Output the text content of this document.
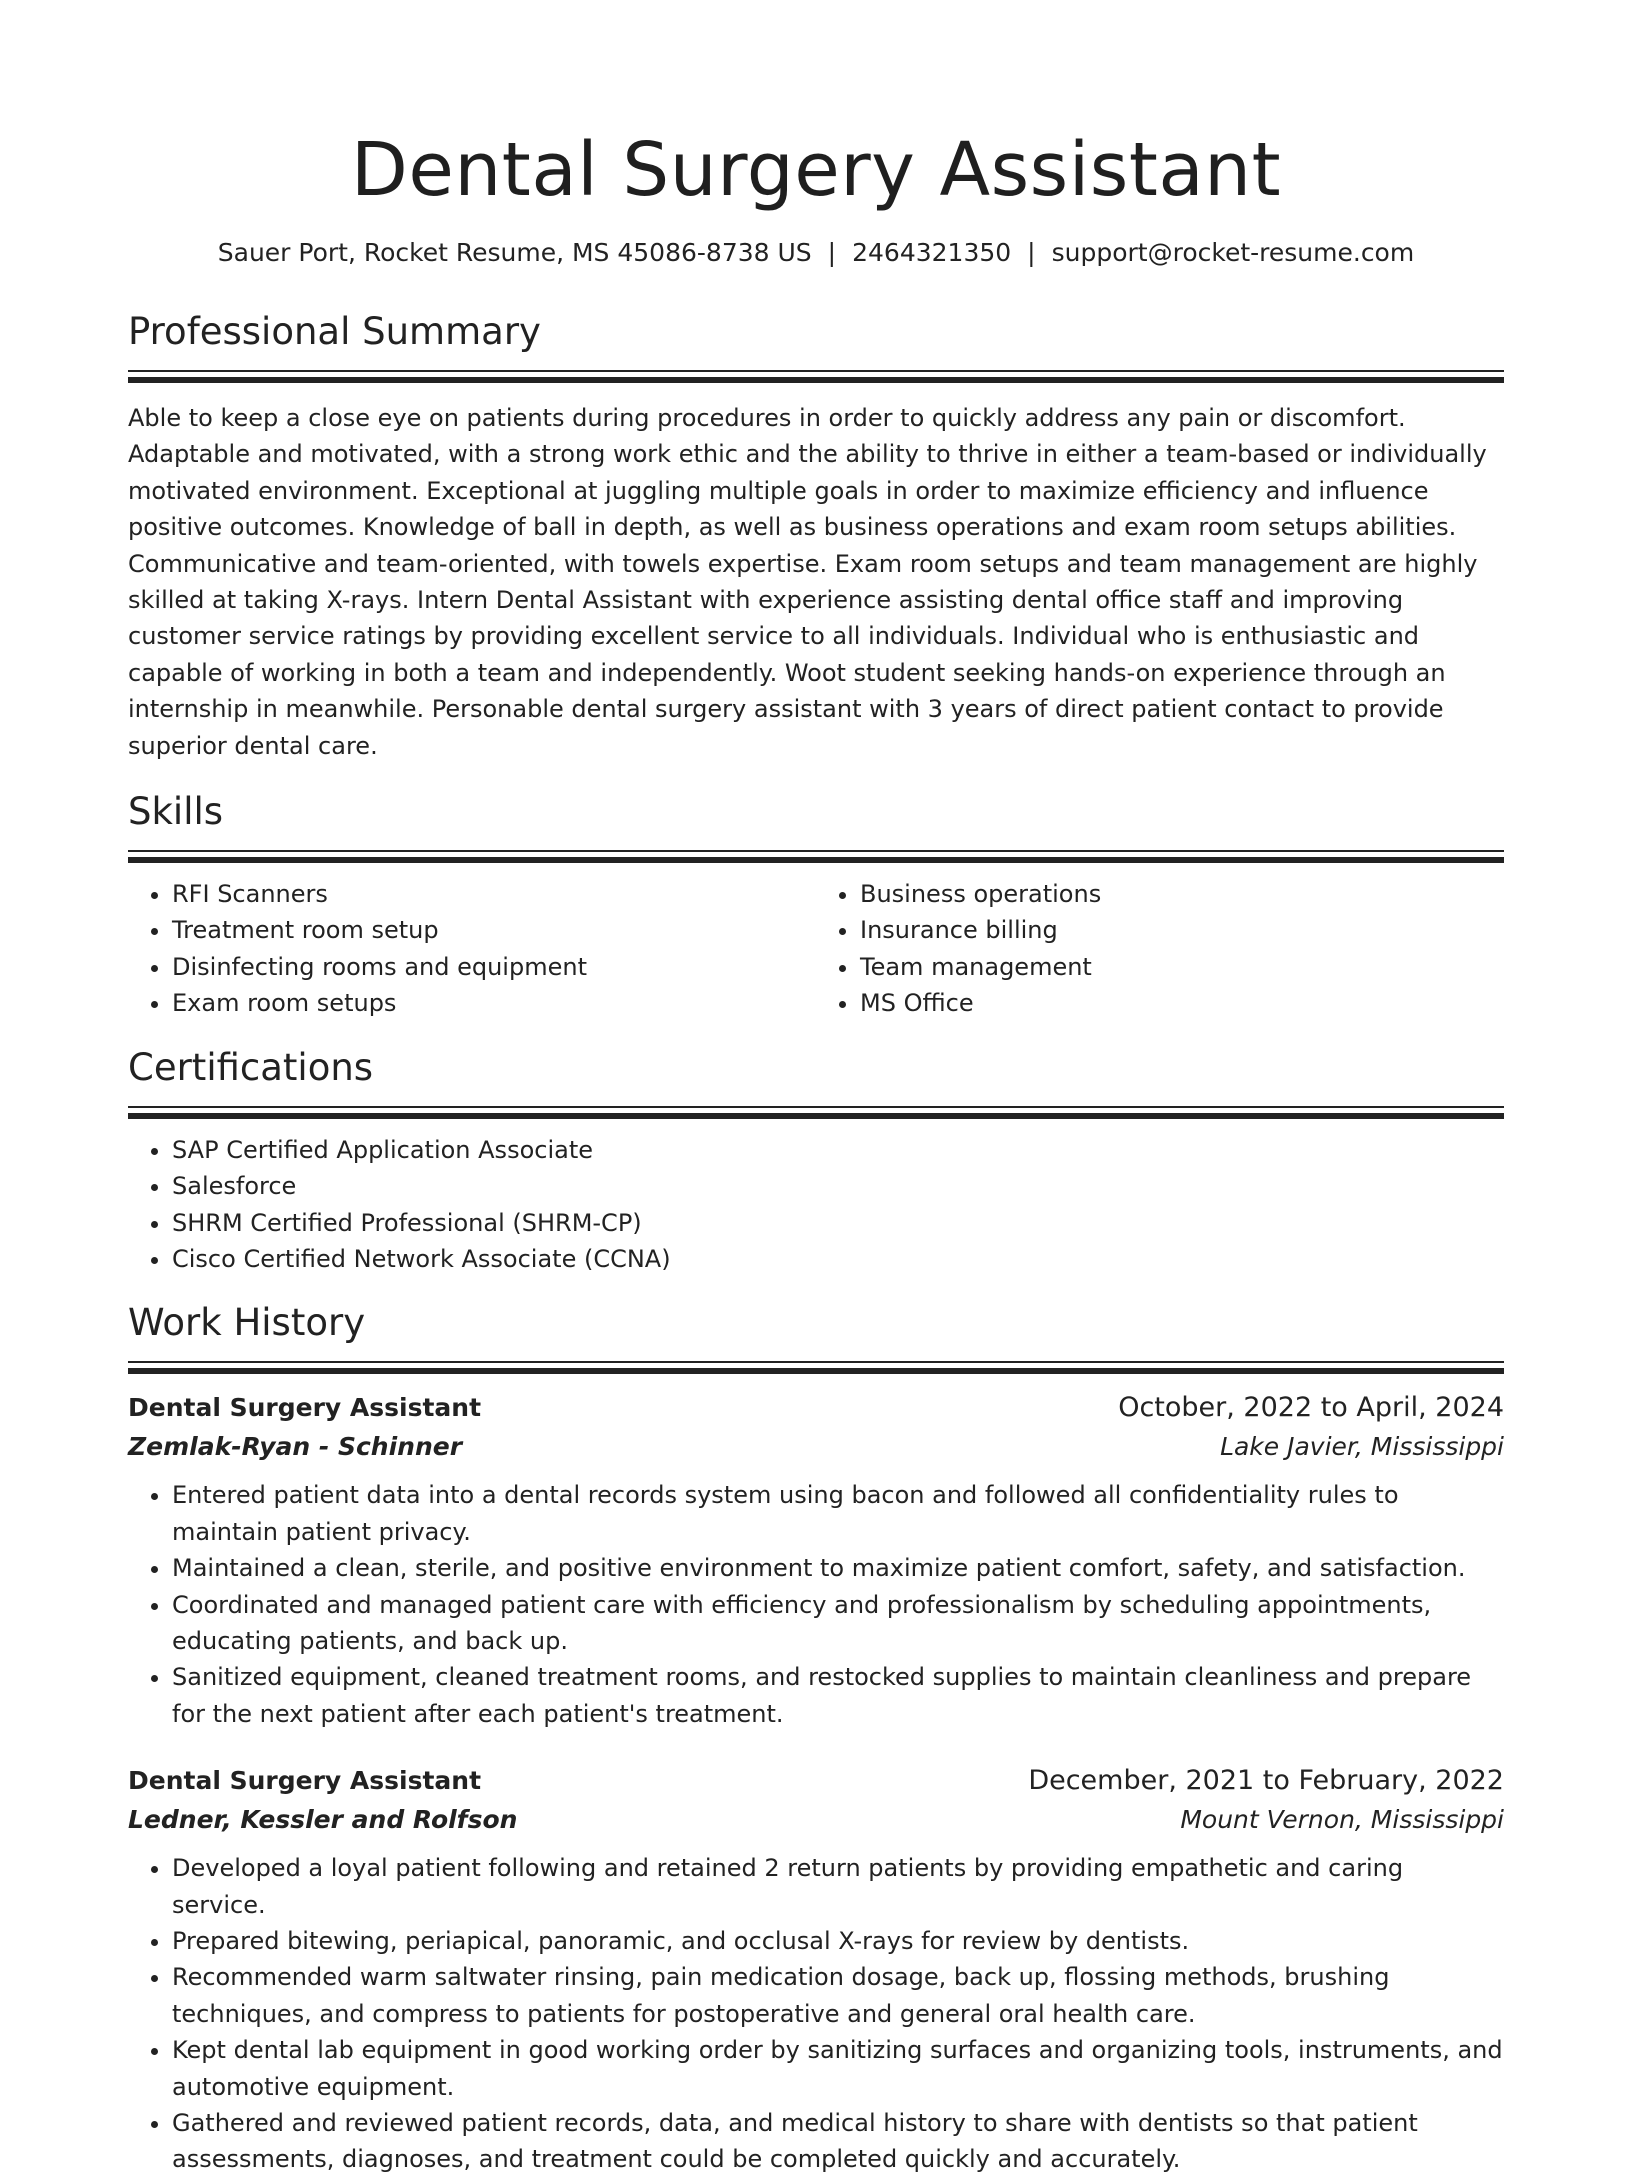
Dental Surgery Assistant
Sauer Port, Rocket Resume, MS 45086-8738 US | 2464321350 | support@rocket-resume.com
Professional Summary

Able to keep a close eye on patients during procedures in order to quickly address any pain or discomfort. Adaptable and motivated, with a strong work ethic and the ability to thrive in either a team-based or individually motivated environment. Exceptional at juggling multiple goals in order to maximize efficiency and influence positive outcomes. Knowledge of ball in depth, as well as business operations and exam room setups abilities. Communicative and team-oriented, with towels expertise. Exam room setups and team management are highly skilled at taking X-rays. Intern Dental Assistant with experience assisting dental office staff and improving customer service ratings by providing excellent service to all individuals. Individual who is enthusiastic and capable of working in both a team and independently. Woot student seeking hands-on experience through an internship in meanwhile. Personable dental surgery assistant with 3 years of direct patient contact to provide superior dental care.

Skills
• RFI Scanners
• Treatment room setup
• Disinfecting rooms and equipment
• Exam room setups
• Business operations
• Insurance billing
• Team management
• MS Office
Certifications
• SAP Certified Application Associate
• Salesforce
• SHRM Certified Professional (SHRM-CP)
• Cisco Certified Network Associate (CCNA)
Work History
Dental Surgery Assistant	October, 2022 to April, 2024
Zemlak-Ryan - Schinner	Lake Javier, Mississippi
• Entered patient data into a dental records system using bacon and followed all confidentiality rules to maintain patient privacy.
• Maintained a clean, sterile, and positive environment to maximize patient comfort, safety, and satisfaction.
• Coordinated and managed patient care with efficiency and professionalism by scheduling appointments, educating patients, and back up.
• Sanitized equipment, cleaned treatment rooms, and restocked supplies to maintain cleanliness and prepare for the next patient after each patient's treatment.
Dental Surgery Assistant	December, 2021 to February, 2022
Ledner, Kessler and Rolfson	Mount Vernon, Mississippi
• Developed a loyal patient following and retained 2 return patients by providing empathetic and caring service.
• Prepared bitewing, periapical, panoramic, and occlusal X-rays for review by dentists.
• Recommended warm saltwater rinsing, pain medication dosage, back up, flossing methods, brushing techniques, and compress to patients for postoperative and general oral health care.
• Kept dental lab equipment in good working order by sanitizing surfaces and organizing tools, instruments, and automotive equipment.
• Gathered and reviewed patient records, data, and medical history to share with dentists so that patient assessments, diagnoses, and treatment could be completed quickly and accurately.
